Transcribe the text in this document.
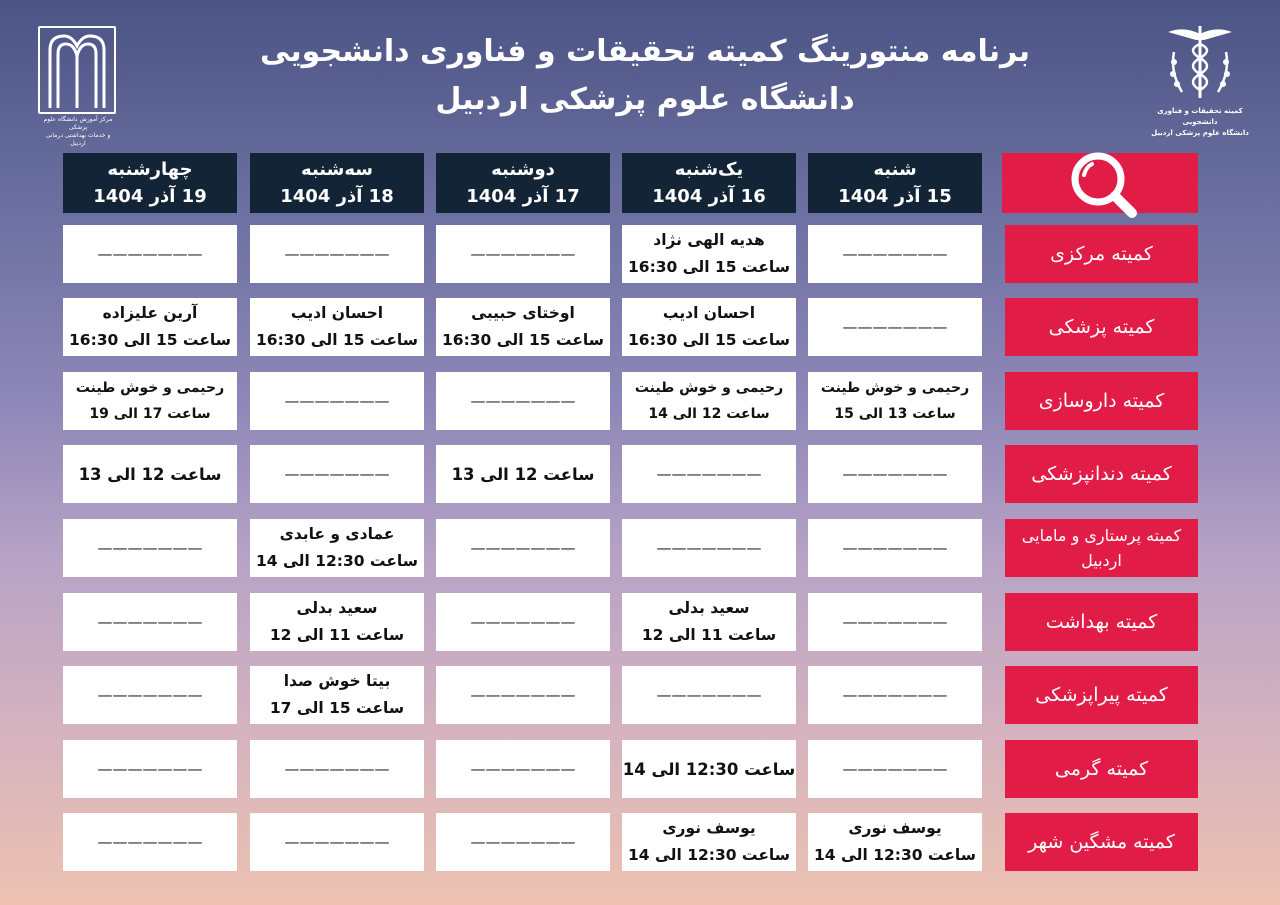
برنامه منتورینگ کمیته تحقیقات و فناوری دانشجویی
دانشگاه علوم پزشکی اردبیل
مرکز آموزش دانشگاه علوم پزشکی
و خدمات بهداشتی درمانی اردبیل
کمیته تحقیقات و فناوری دانشجویی
دانشگاه علوم پزشکی اردبیل
شنبه
15 آذر 1404
یک‌شنبه
16 آذر 1404
دوشنبه
17 آذر 1404
سه‌شنبه
18 آذر 1404
چهارشنبه
19 آذر 1404
کمیته مرکزی
———————
هدیه الهی نژاد
ساعت 15 الی 16:30
———————
———————
———————
کمیته پزشکی
———————
احسان ادیب
ساعت 15 الی 16:30
اوختای حبیبی
ساعت 15 الی 16:30
احسان ادیب
ساعت 15 الی 16:30
آرین علیزاده
ساعت 15 الی 16:30
کمیته داروسازی
رحیمی و خوش طینت
ساعت 13 الی 15
رحیمی و خوش طینت
ساعت 12 الی 14
———————
———————
رحیمی و خوش طینت
ساعت 17 الی 19
کمیته دندانپزشکی
———————
———————
ساعت 12 الی 13
———————
ساعت 12 الی 13
کمیته پرستاری و مامایی اردبیل
———————
———————
———————
عمادی و عابدی
ساعت 12:30 الی 14
———————
کمیته بهداشت
———————
سعید بدلی
ساعت 11 الی 12
———————
سعید بدلی
ساعت 11 الی 12
———————
کمیته پیراپزشکی
———————
———————
———————
بیتا خوش صدا
ساعت 15 الی 17
———————
کمیته گرمی
———————
ساعت 12:30 الی 14
———————
———————
———————
کمیته مشگین شهر
یوسف نوری
ساعت 12:30 الی 14
یوسف نوری
ساعت 12:30 الی 14
———————
———————
———————
